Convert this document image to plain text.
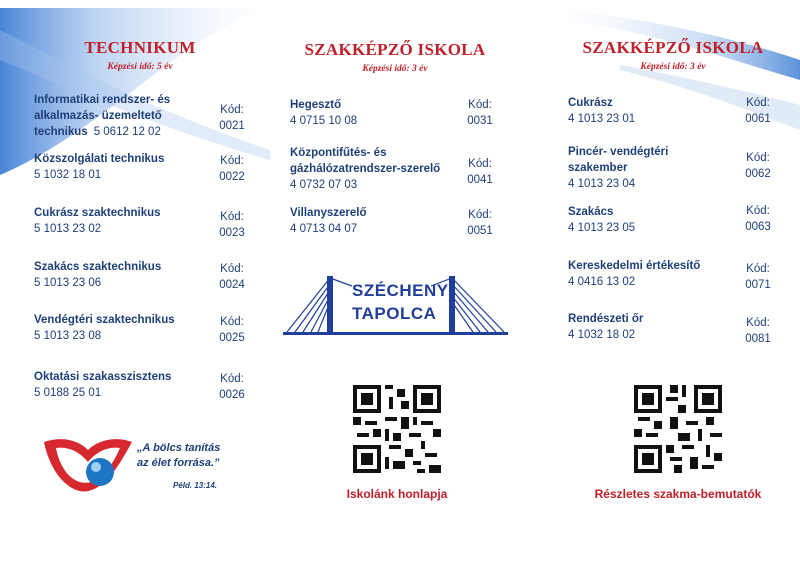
TECHNIKUM
Képzési idő: 5 év
Informatikai rendszer- és
alkalmazás- üzemeltető
technikus 5 0612 12 02
Kód:
0021
Közszolgálati technikus
5 1032 18 01
Kód:
0022
Cukrász szaktechnikus
5 1013 23 02
Kód:
0023
Szakács szaktechnikus
5 1013 23 06
Kód:
0024
Vendégtéri szaktechnikus
5 1013 23 08
Kód:
0025
Oktatási szakasszisztens
5 0188 25 01
Kód:
0026
SZAKKÉPZŐ ISKOLA
Képzési idő: 3 év
Hegesztő
4 0715 10 08
Kód:
0031
Központifűtés- és
gázhálózatrendszer-szerelő
4 0732 07 03
Kód:
0041
Villanyszerelő
4 0713 04 07
Kód:
0051
SZÉCHENYI
TAPOLCA
SZAKKÉPZŐ ISKOLA
Képzési idő: 3 év
Cukrász
4 1013 23 01
Kód:
0061
Pincér- vendégtéri
szakember
4 1013 23 04
Kód:
0062
Szakács
4 1013 23 05
Kód:
0063
Kereskedelmi értékesítő
4 0416 13 02
Kód:
0071
Rendészeti őr
4 1032 18 02
Kód:
0081
„A bölcs tanítás
az élet forrása.”
Péld. 13:14.
Iskolánk honlapja	Részletes szakma-bemutatók
